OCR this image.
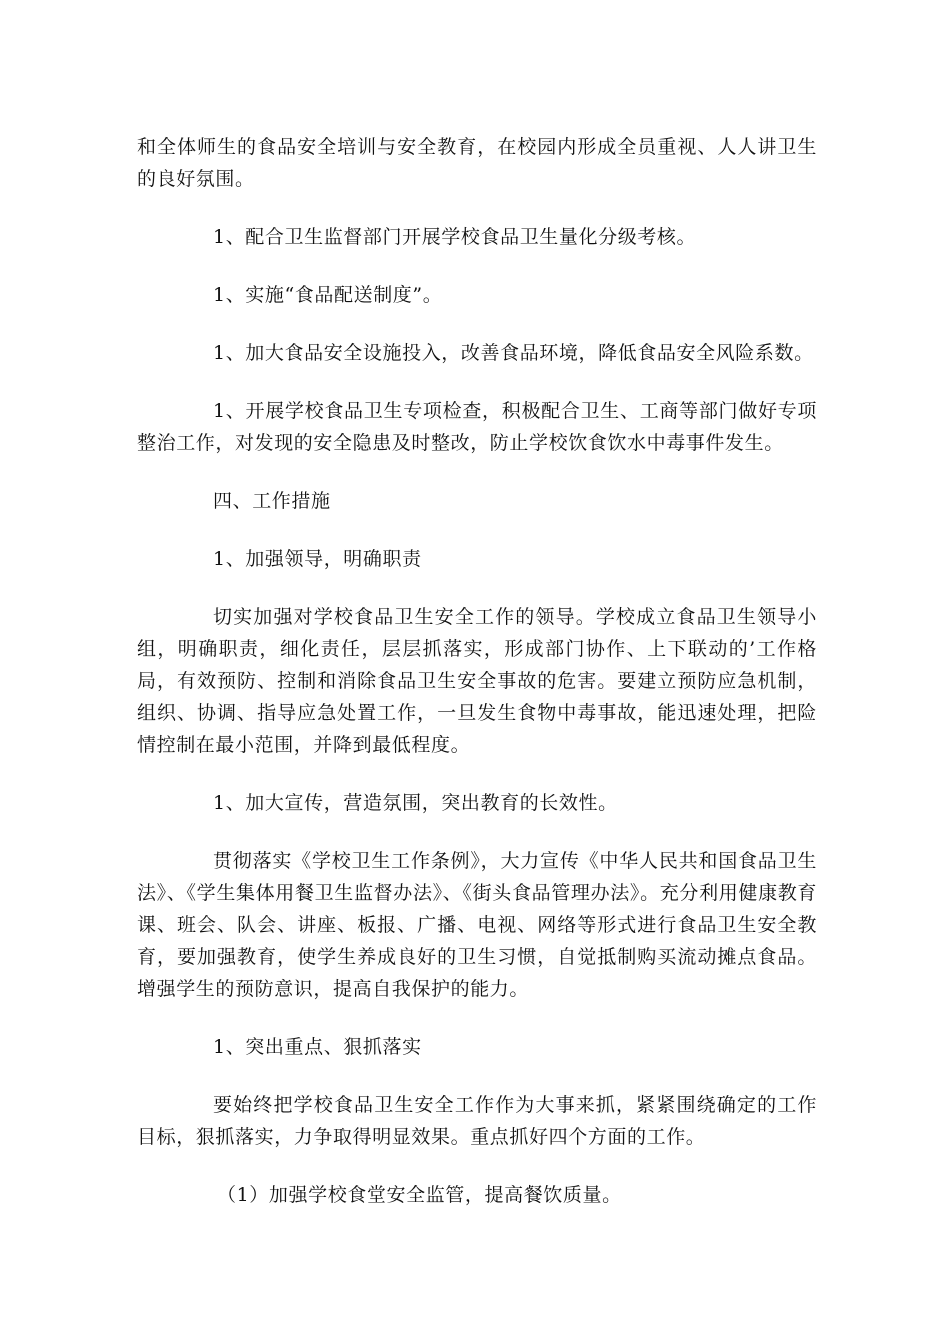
和全体师生的食品安全培训与安全教育，在校园内形成全员重视、人人讲卫生的良好氛围。

1、配合卫生监督部门开展学校食品卫生量化分级考核。

1、实施“食品配送制度”。

1、加大食品安全设施投入，改善食品环境，降低食品安全风险系数。

1、开展学校食品卫生专项检查，积极配合卫生、工商等部门做好专项整治工作，对发现的安全隐患及时整改，防止学校饮食饮水中毒事件发生。

四、工作措施

1、加强领导，明确职责

切实加强对学校食品卫生安全工作的领导。学校成立食品卫生领导小组，明确职责，细化责任，层层抓落实，形成部门协作、上下联动的’工作格局，有效预防、控制和消除食品卫生安全事故的危害。要建立预防应急机制，组织、协调、指导应急处置工作，一旦发生食物中毒事故，能迅速处理，把险情控制在最小范围，并降到最低程度。

1、加大宣传，营造氛围，突出教育的长效性。

贯彻落实《学校卫生工作条例》，大力宣传《中华人民共和国食品卫生法》、《学生集体用餐卫生监督办法》、《街头食品管理办法》。充分利用健康教育课、班会、队会、讲座、板报、广播、电视、网络等形式进行食品卫生安全教育，要加强教育，使学生养成良好的卫生习惯，自觉抵制购买流动摊点食品。增强学生的预防意识，提高自我保护的能力。

1、突出重点、狠抓落实

要始终把学校食品卫生安全工作作为大事来抓，紧紧围绕确定的工作目标，狠抓落实，力争取得明显效果。重点抓好四个方面的工作。

（1）加强学校食堂安全监管，提高餐饮质量。
